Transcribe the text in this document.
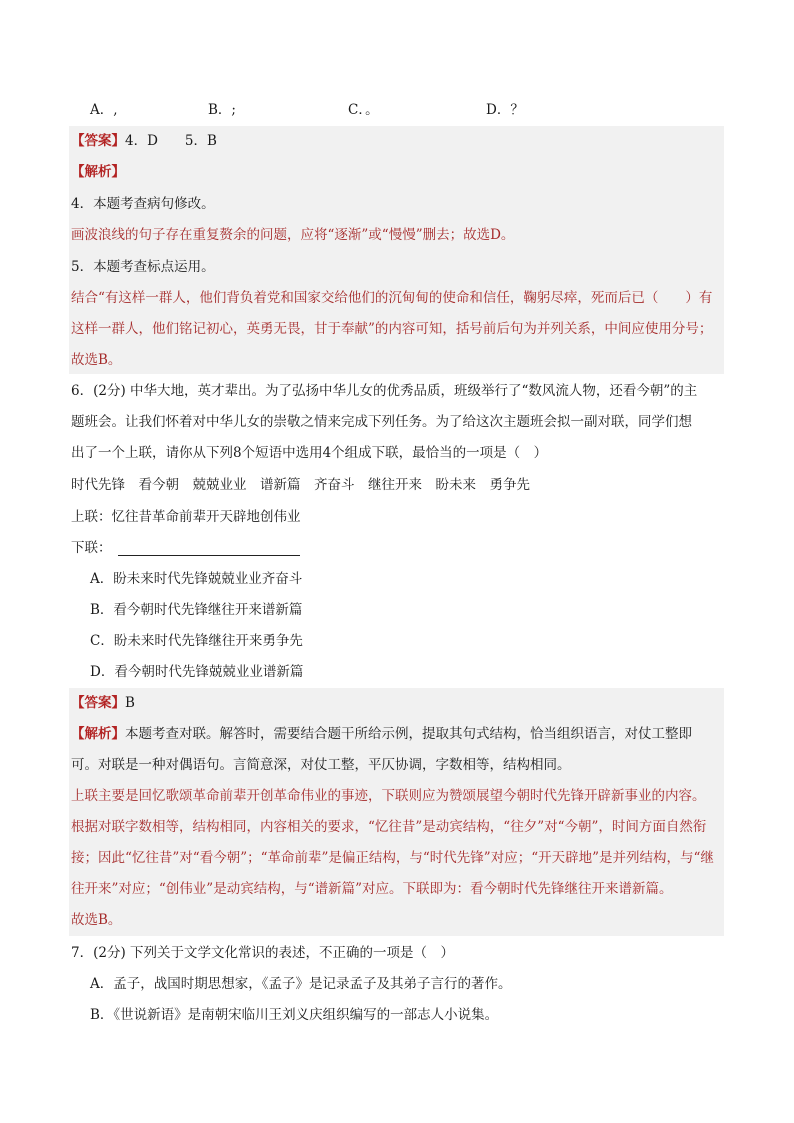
A．,	B．;	C．。	D．？
【答案】4．D　　5．B
【解析】
4．本题考查病句修改。
画波浪线的句子存在重复赘余的问题，应将“逐渐”或“慢慢”删去；故选D。
5．本题考查标点运用。
结合“有这样一群人，他们背负着党和国家交给他们的沉甸甸的使命和信任，鞠躬尽瘁，死而后已（　　）有
这样一群人，他们铭记初心，英勇无畏，甘于奉献”的内容可知，括号前后句为并列关系，中间应使用分号；
故选B。
6．(2分) 中华大地，英才辈出。为了弘扬中华儿女的优秀品质，班级举行了“数风流人物，还看今朝”的主
题班会。让我们怀着对中华儿女的崇敬之情来完成下列任务。为了给这次主题班会拟一副对联，同学们想
出了一个上联，请你从下列8个短语中选用4个组成下联，最恰当的一项是（　）
时代先锋　看今朝　兢兢业业　谱新篇　齐奋斗　继往开来　盼未来　勇争先
上联：忆往昔革命前辈开天辟地创伟业
下联：
A．盼未来时代先锋兢兢业业齐奋斗
B．看今朝时代先锋继往开来谱新篇
C．盼未来时代先锋继往开来勇争先
D．看今朝时代先锋兢兢业业谱新篇
【答案】B
【解析】本题考查对联。解答时，需要结合题干所给示例，提取其句式结构，恰当组织语言，对仗工整即
可。对联是一种对偶语句。言简意深，对仗工整，平仄协调，字数相等，结构相同。
上联主要是回忆歌颂革命前辈开创革命伟业的事迹，下联则应为赞颂展望今朝时代先锋开辟新事业的内容。
根据对联字数相等，结构相同，内容相关的要求，“忆往昔”是动宾结构，“往夕”对“今朝”，时间方面自然衔
接；因此“忆往昔”对“看今朝”；“革命前辈”是偏正结构，与“时代先锋”对应；“开天辟地”是并列结构，与“继
往开来”对应；“创伟业”是动宾结构，与“谱新篇”对应。下联即为：看今朝时代先锋继往开来谱新篇。
故选B。
7．(2分) 下列关于文学文化常识的表述，不正确的一项是（　）
A．孟子，战国时期思想家，《孟子》是记录孟子及其弟子言行的著作。
B．《世说新语》是南朝宋临川王刘义庆组织编写的一部志人小说集。
